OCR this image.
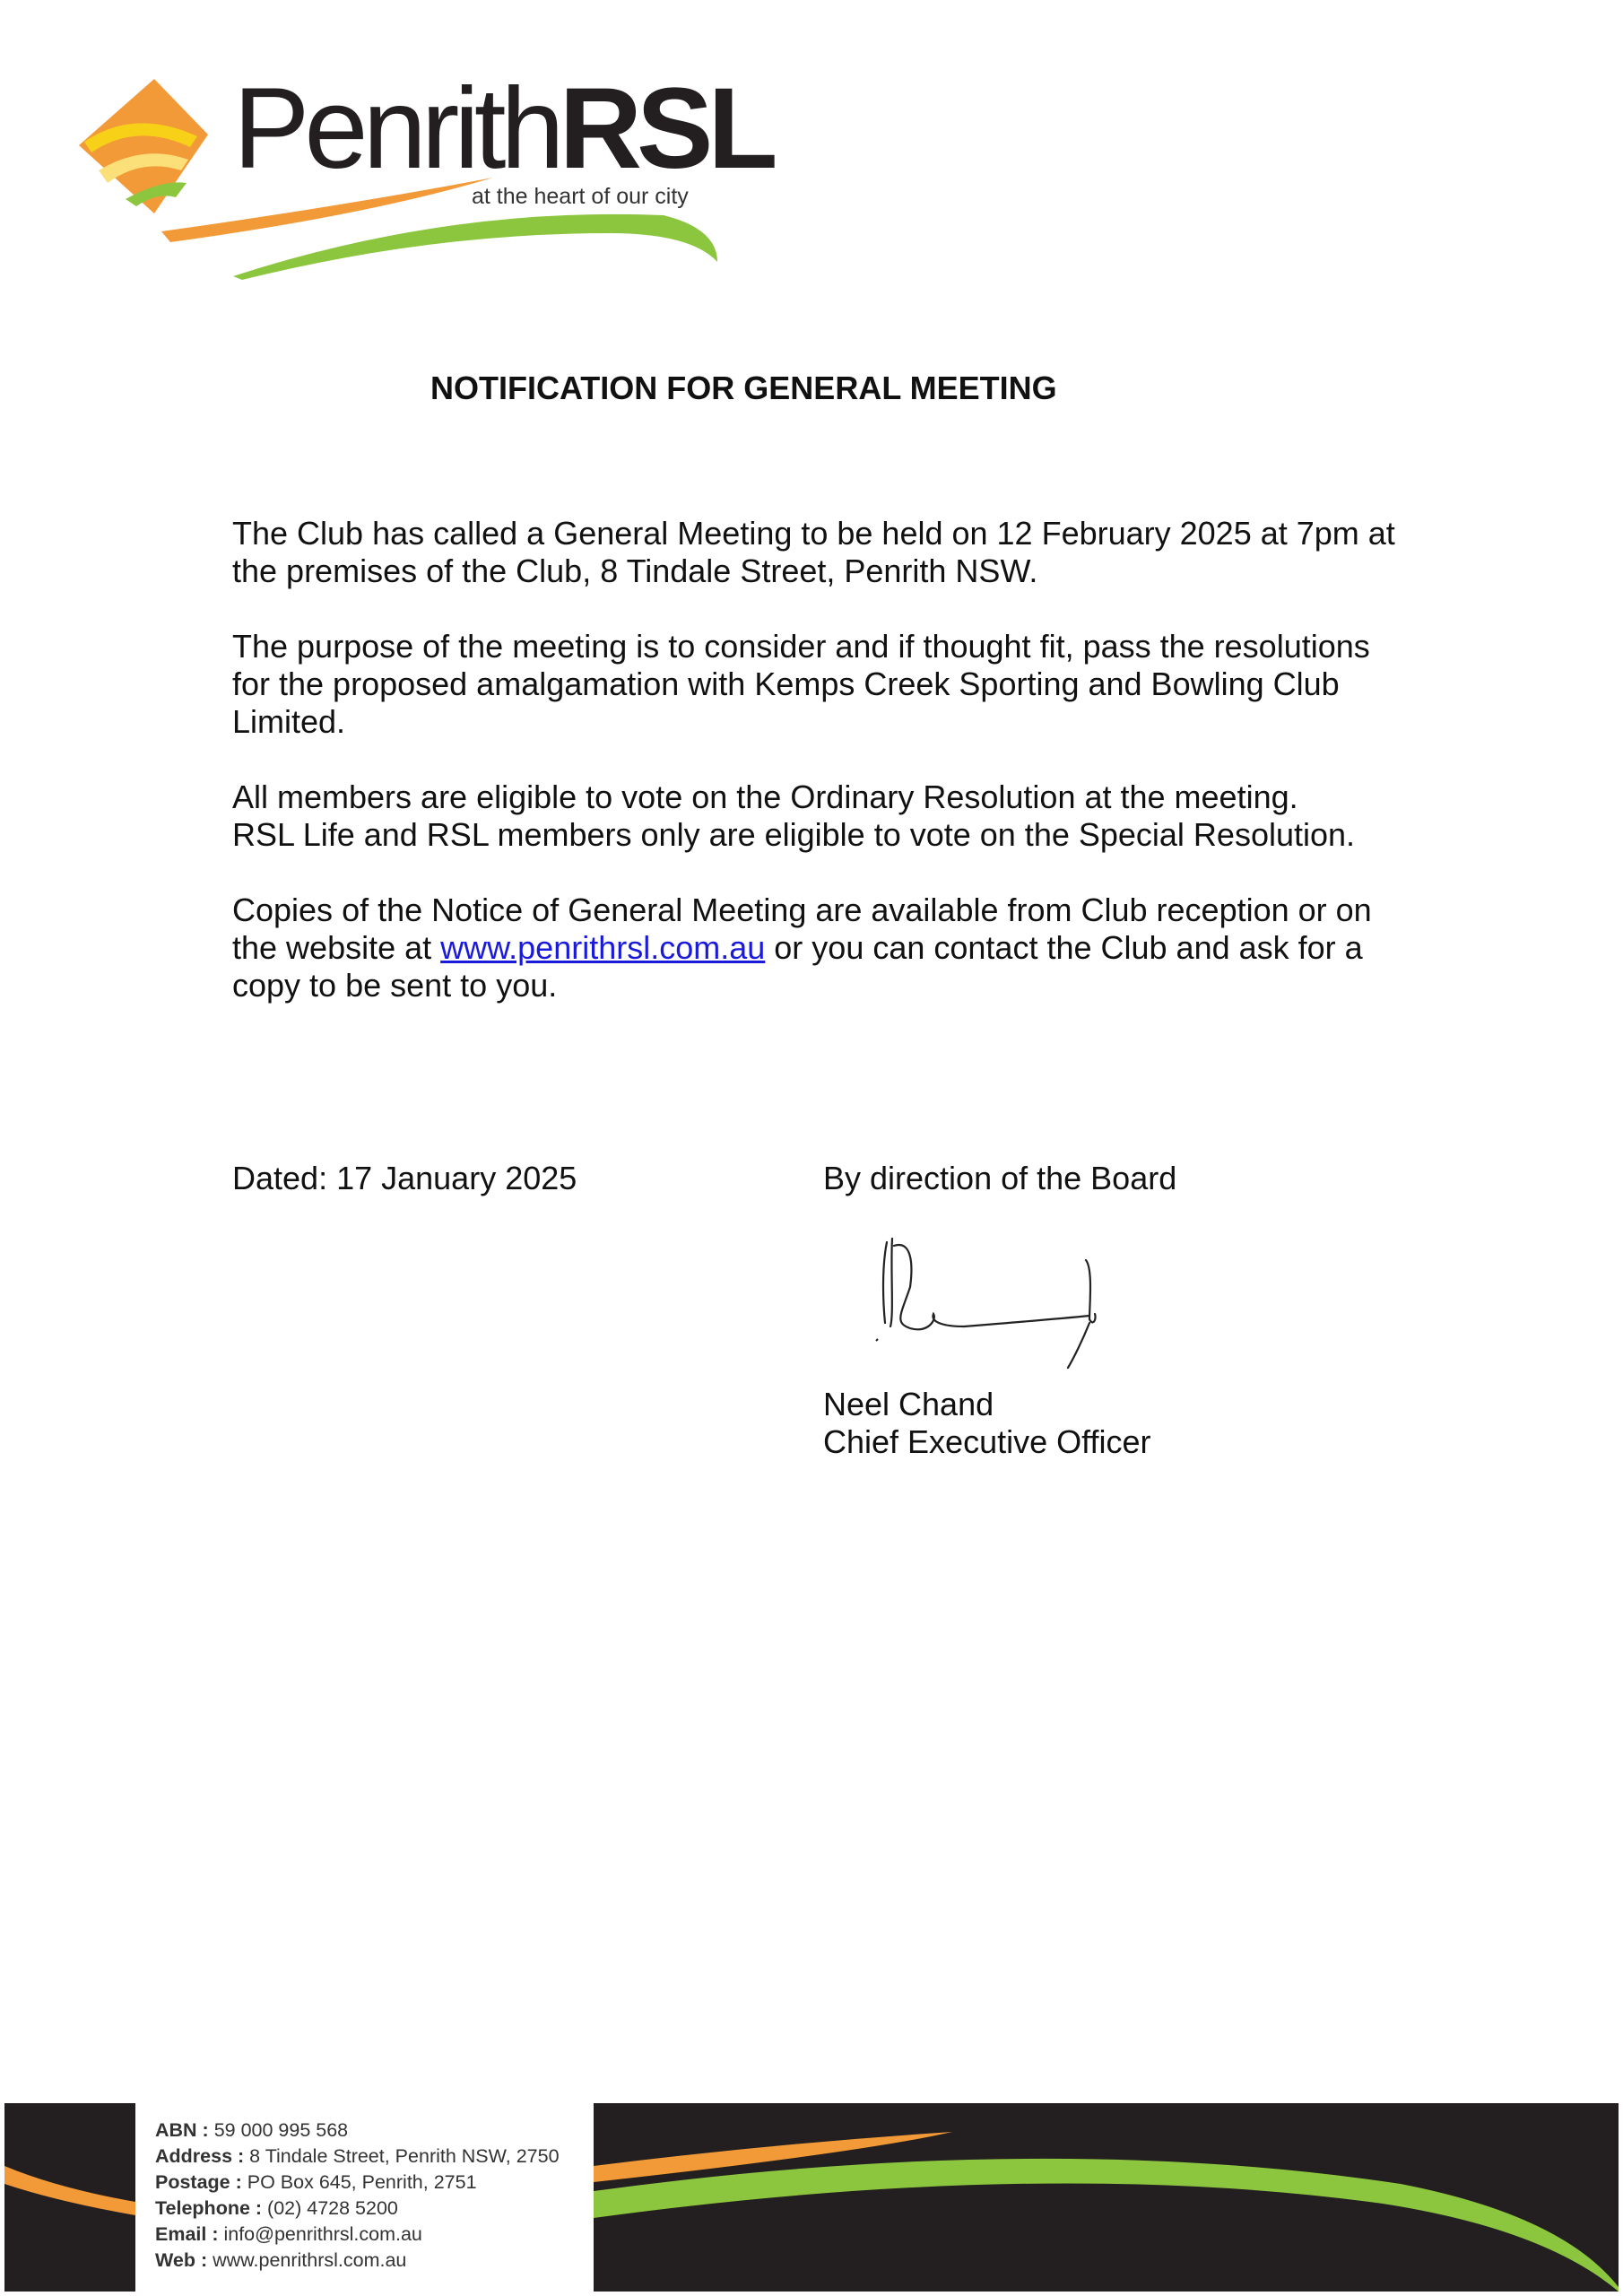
PenrithRSL
at the heart of our city
NOTIFICATION FOR GENERAL MEETING

The Club has called a General Meeting to be held on 12 February 2025 at 7pm at the premises of the Club, 8 Tindale Street, Penrith NSW.

The purpose of the meeting is to consider and if thought fit, pass the resolutions for the proposed amalgamation with Kemps Creek Sporting and Bowling Club Limited.

All members are eligible to vote on the Ordinary Resolution at the meeting.
RSL Life and RSL members only are eligible to vote on the Special Resolution.

Copies of the Notice of General Meeting are available from Club reception or on the website at www.penrithrsl.com.au or you can contact the Club and ask for a copy to be sent to you.

Dated: 17 January 2025	By direction of the Board
Neel Chand
Chief Executive Officer
ABN : 59 000 995 568
Address : 8 Tindale Street, Penrith NSW, 2750
Postage : PO Box 645, Penrith, 2751
Telephone : (02) 4728 5200
Email : info@penrithrsl.com.au
Web : www.penrithrsl.com.au
